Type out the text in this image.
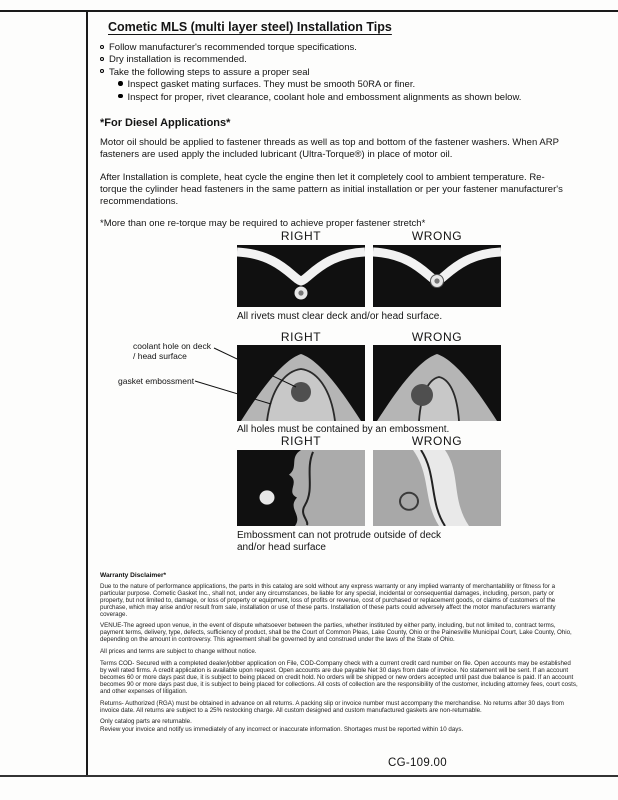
Cometic MLS (multi layer steel) Installation Tips
Follow manufacturer's recommended torque specifications.
Dry installation is recommended.
Take the following steps to assure a proper seal
Inspect gasket mating surfaces. They must be smooth 50RA or finer.
Inspect for proper, rivet clearance, coolant hole and embossment alignments as shown below.
*For Diesel Applications*

Motor oil should be applied to fastener threads as well as top and bottom of the fastener washers. When ARP fasteners are used apply the included lubricant (Ultra-Torque®) in place of motor oil.

After Installation is complete, heat cycle the engine then let it completely cool to ambient temperature. Re-torque the cylinder head fasteners in the same pattern as initial installation or per your fastener manufacturer's recommendations.

*More than one re-torque may be required to achieve proper fastener stretch*

RIGHT	WRONG
All rivets must clear deck and/or head surface.
RIGHT	WRONG
coolant hole on deck / head surface
gasket embossment
All holes must be contained by an embossment.
RIGHT	WRONG
Embossment can not protrude outside of deck
and/or head surface
Warranty Disclaimer*

Due to the nature of performance applications, the parts in this catalog are sold without any express warranty or any implied warranty of merchantability or fitness for a particular purpose. Cometic Gasket Inc., shall not, under any circumstances, be liable for any special, incidental or consequential damages, including, person, party or property, but not limited to, damage, or loss of property or equipment, loss of profits or revenue, cost of purchased or replacement goods, or claims of customers of the purchase, which may arise and/or result from sale, installation or use of these parts. Installation of these parts could adversely affect the motor manufacturers warranty coverage.

VENUE-The agreed upon venue, in the event of dispute whatsoever between the parties, whether instituted by either party, including, but not limited to, contract terms, payment terms, delivery, type, defects, sufficiency of product, shall be the Court of Common Pleas, Lake County, Ohio or the Painesville Municipal Court, Lake County, Ohio, depending on the amount in controversy. This agreement shall be governed by and construed under the laws of the State of Ohio.

All prices and terms are subject to change without notice.

Terms COD- Secured with a completed dealer/jobber application on File, COD-Company check with a current credit card number on file. Open accounts may be established by well rated firms. A credit application is available upon request. Open accounts are due payable Net 30 days from date of invoice. No statement will be sent. If an account becomes 60 or more days past due, it is subject to being placed on credit hold. No orders will be shipped or new orders accepted until past due balance is paid. If an account becomes 90 or more days past due, it is subject to being placed for collections. All costs of collection are the responsibility of the customer, including attorney fees, court costs, and other expenses of litigation.

Returns- Authorized (RGA) must be obtained in advance on all returns. A packing slip or invoice number must accompany the merchandise. No returns after 30 days from invoice date. All returns are subject to a 25% restocking charge. All custom designed and custom manufactured gaskets are non-returnable.

Only catalog parts are returnable.

Review your invoice and notify us immediately of any incorrect or inaccurate information. Shortages must be reported within 10 days.

CG-109.00
